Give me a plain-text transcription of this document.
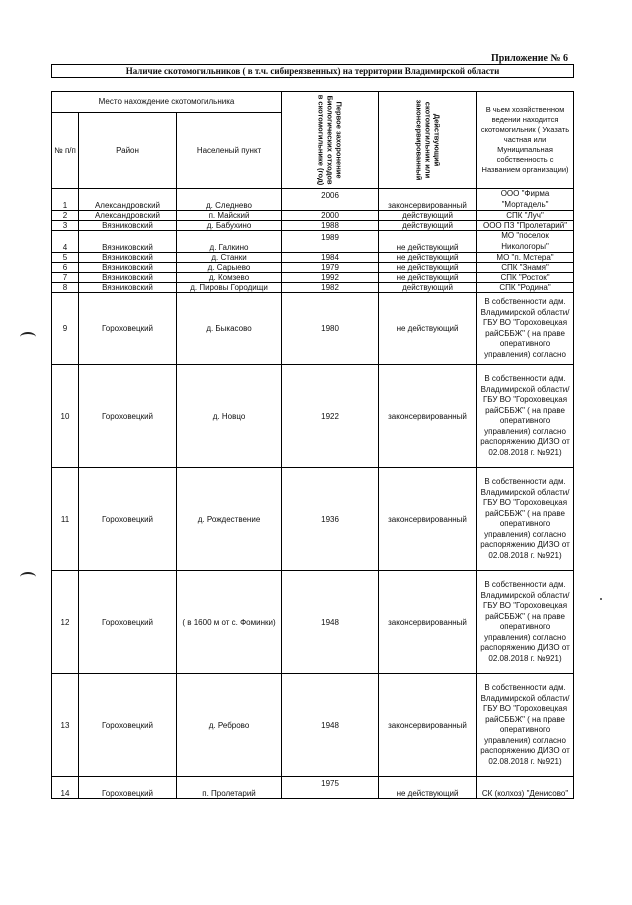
Приложение № 6
Наличие скотомогильников ( в т.ч. сибиреязвенных) на территории Владимирской области
Место нахождение скотомогильника			Первое захоронение Биологических отходов в скотомогильнике (год)	Действующий скотомогильник или законсервированный	В чьем хозяйственном ведении находится скотомогильник ( Указать частная или Муниципальная собственность с Названием организации)
№ п/п	Район	Населеный пункт			
1	Александровский	д. Следнево	2006	законсервированный	ООО "Фирма "Мортадель"
2	Александровский	п. Майский	2000	действующий	СПК "Луч"
3	Вязниковский	д. Бабухино	1988	действующий	ООО ПЗ "Пролетарий"
4	Вязниковский	д. Галкино	1989	не действующий	МО "поселок Никологоры"
5	Вязниковский	д. Станки	1984	не действующий	МО "п. Мстера"
6	Вязниковский	д. Сарыево	1979	не действующий	СПК "Знамя"
7	Вязниковский	д. Комзево	1992	не действующий	СПК "Росток"
8	Вязниковский	д. Пировы Городищи	1982	действующий	СПК "Родина"
9	Гороховецкий	д. Быкасово	1980	не действующий	В собственности адм. Владимирской области/ГБУ ВО "Гороховецкая райСББЖ" ( на праве оперативного управления) согласно
10	Гороховецкий	д. Новцо	1922	законсервированный	В собственности адм. Владимирской области/ГБУ ВО "Гороховецкая райСББЖ" ( на праве оперативного управления) согласно распоряжению ДИЗО от 02.08.2018 г. №921)
11	Гороховецкий	д. Рождествение	1936	законсервированный	В собственности адм. Владимирской области/ГБУ ВО "Гороховецкая райСББЖ" ( на праве оперативного управления) согласно распоряжению ДИЗО от 02.08.2018 г. №921)
12	Гороховецкий	( в 1600 м от с. Фоминки)	1948	законсервированный	В собственности адм. Владимирской области/ГБУ ВО "Гороховецкая райСББЖ" ( на праве оперативного управления) согласно распоряжению ДИЗО от 02.08.2018 г. №921)
13	Гороховецкий	д. Реброво	1948	законсервированный	В собственности адм. Владимирской области/ГБУ ВО "Гороховецкая райСББЖ" ( на праве оперативного управления) согласно распоряжению ДИЗО от 02.08.2018 г. №921)
14	Гороховецкий	п. Пролетарий	1975	не действующий	СК (колхоз) "Денисово"
